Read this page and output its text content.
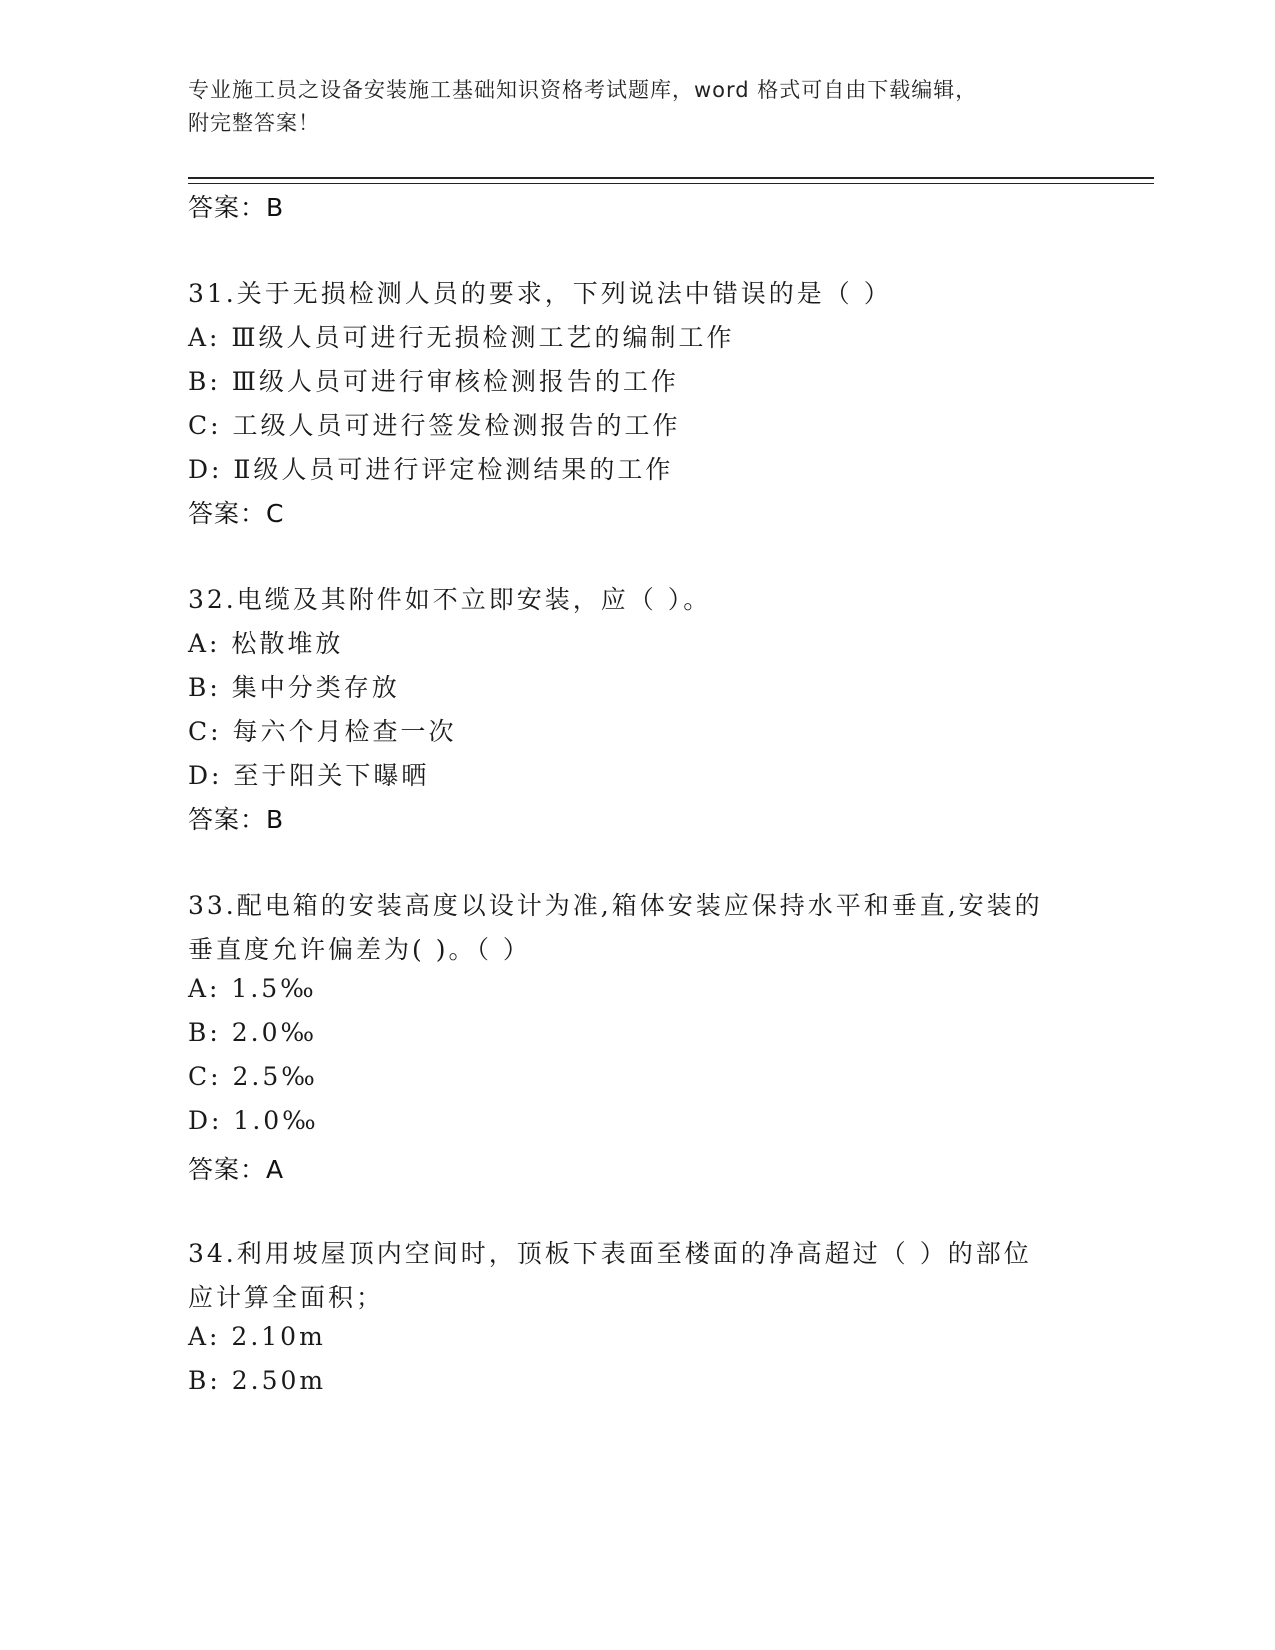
专业施工员之设备安装施工基础知识资格考试题库，word 格式可自由下载编辑，
附完整答案！
答案：B
31.关于无损检测人员的要求，下列说法中错误的是（ ）
A: Ⅲ级人员可进行无损检测工艺的编制工作
B: Ⅲ级人员可进行审核检测报告的工作
C: 工级人员可进行签发检测报告的工作
D: Ⅱ级人员可进行评定检测结果的工作
答案：C
32.电缆及其附件如不立即安装，应（ ）。
A: 松散堆放
B: 集中分类存放
C: 每六个月检查一次
D: 至于阳关下曝晒
答案：B
33.配电箱的安装高度以设计为准,箱体安装应保持水平和垂直,安装的
垂直度允许偏差为( )。（ ）
A: 1.5‰
B: 2.0‰
C: 2.5‰
D: 1.0‰
答案：A
34.利用坡屋顶内空间时，顶板下表面至楼面的净高超过（ ）的部位
应计算全面积；
A: 2.10m
B: 2.50m
